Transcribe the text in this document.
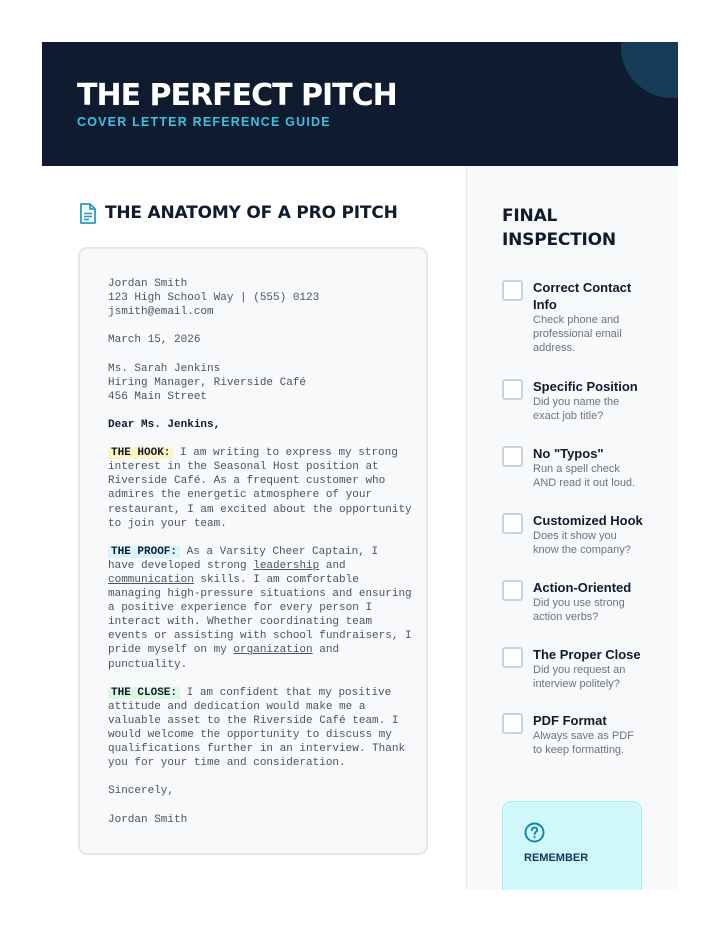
THE PERFECT PITCH
COVER LETTER REFERENCE GUIDE
THE ANATOMY OF A PRO PITCH

Jordan Smith
123 High School Way | (555) 0123
jsmith@email.com

March 15, 2026

Ms. Sarah Jenkins
Hiring Manager, Riverside Café
456 Main Street

Dear Ms. Jenkins,

THE HOOK: I am writing to express my strong
interest in the Seasonal Host position at
Riverside Café. As a frequent customer who
admires the energetic atmosphere of your
restaurant, I am excited about the opportunity
to join your team.

THE PROOF: As a Varsity Cheer Captain, I
have developed strong leadership and
communication skills. I am comfortable
managing high-pressure situations and ensuring
a positive experience for every person I
interact with. Whether coordinating team
events or assisting with school fundraisers, I
pride myself on my organization and
punctuality.

THE CLOSE: I am confident that my positive
attitude and dedication would make me a
valuable asset to the Riverside Café team. I
would welcome the opportunity to discuss my
qualifications further in an interview. Thank
you for your time and consideration.

Sincerely,

Jordan Smith

FINAL INSPECTION
Correct Contact Info
Check phone and professional email address.
Specific Position
Did you name the exact job title?
No "Typos"
Run a spell check AND read it out loud.
Customized Hook
Does it show you know the company?
Action-Oriented
Did you use strong action verbs?
The Proper Close
Did you request an interview politely?
PDF Format
Always save as PDF to keep formatting.
REMEMBER
